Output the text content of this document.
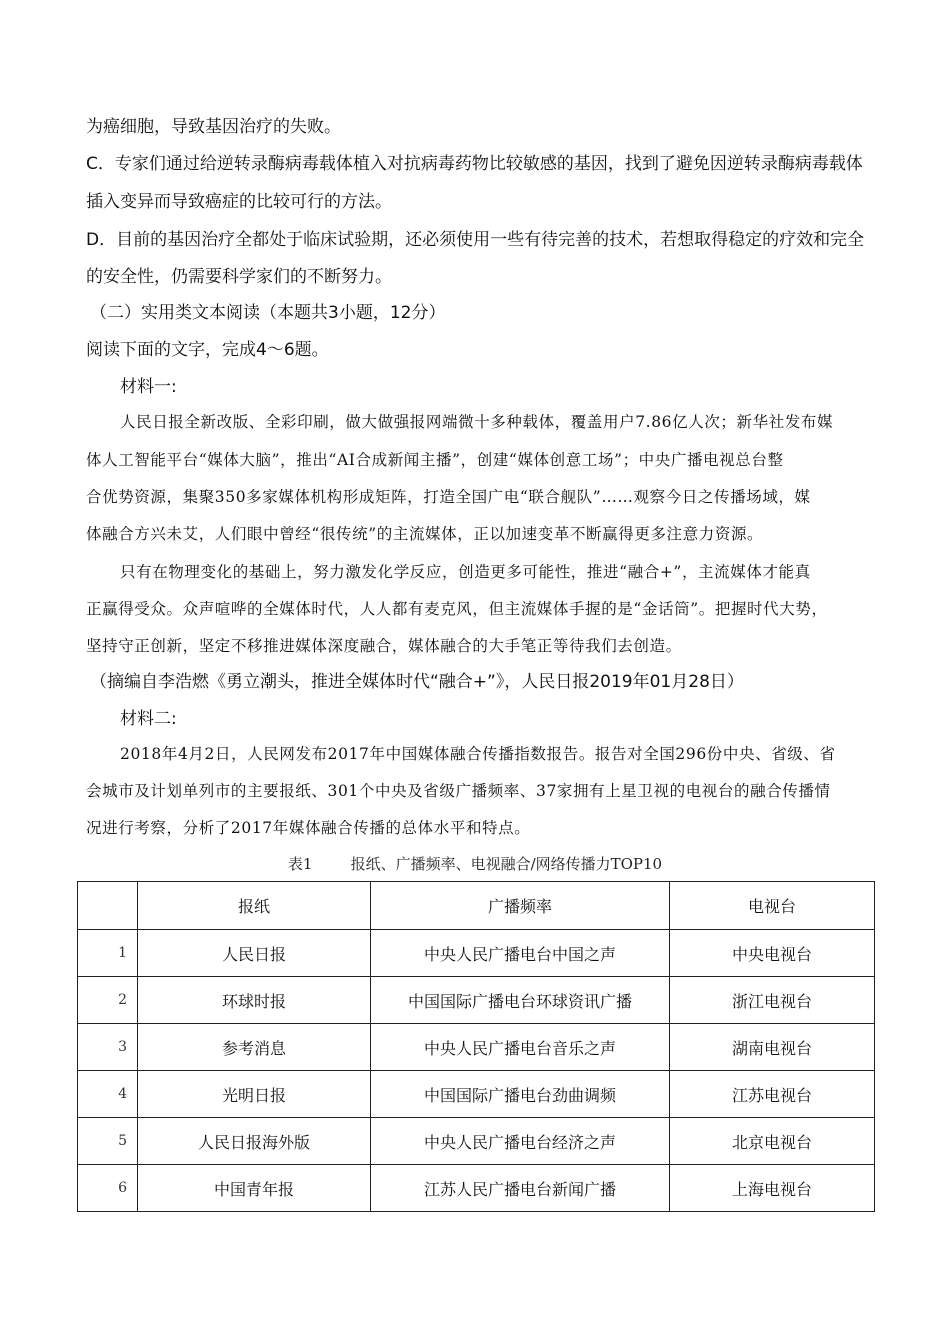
为癌细胞，导致基因治疗的失败。
C．专家们通过给逆转录酶病毒载体植入对抗病毒药物比较敏感的基因，找到了避免因逆转录酶病毒载体
插入变异而导致癌症的比较可行的方法。
D．目前的基因治疗全都处于临床试验期，还必须使用一些有待完善的技术，若想取得稳定的疗效和完全
的安全性，仍需要科学家们的不断努力。
（二）实用类文本阅读（本题共3小题，12分）
阅读下面的文字，完成4～6题。
材料一:
人民日报全新改版、全彩印刷，做大做强报网端微十多种载体，覆盖用户7.86亿人次；新华社发布媒
体人工智能平台“媒体大脑”，推出“AI合成新闻主播”，创建“媒体创意工场”；中央广播电视总台整
合优势资源，集聚350多家媒体机构形成矩阵，打造全国广电“联合舰队”……观察今日之传播场域，媒
体融合方兴未艾，人们眼中曾经“很传统”的主流媒体，正以加速变革不断赢得更多注意力资源。
只有在物理变化的基础上，努力激发化学反应，创造更多可能性，推进“融合+”，主流媒体才能真
正赢得受众。众声喧哗的全媒体时代，人人都有麦克风，但主流媒体手握的是“金话筒”。把握时代大势，
坚持守正创新，坚定不移推进媒体深度融合，媒体融合的大手笔正等待我们去创造。
（摘编自李浩燃《勇立潮头，推进全媒体时代“融合+”》，人民日报2019年01月28日）
材料二:
2018年4月2日，人民网发布2017年中国媒体融合传播指数报告。报告对全国296份中央、省级、省
会城市及计划单列市的主要报纸、301个中央及省级广播频率、37家拥有上星卫视的电视台的融合传播情
况进行考察，分析了2017年媒体融合传播的总体水平和特点。
表1        报纸、广播频率、电视融合/网络传播力TOP10
	报纸	广播频率	电视台
1	人民日报	中央人民广播电台中国之声	中央电视台
2	环球时报	中国国际广播电台环球资讯广播	浙江电视台
3	参考消息	中央人民广播电台音乐之声	湖南电视台
4	光明日报	中国国际广播电台劲曲调频	江苏电视台
5	人民日报海外版	中央人民广播电台经济之声	北京电视台
6	中国青年报	江苏人民广播电台新闻广播	上海电视台
